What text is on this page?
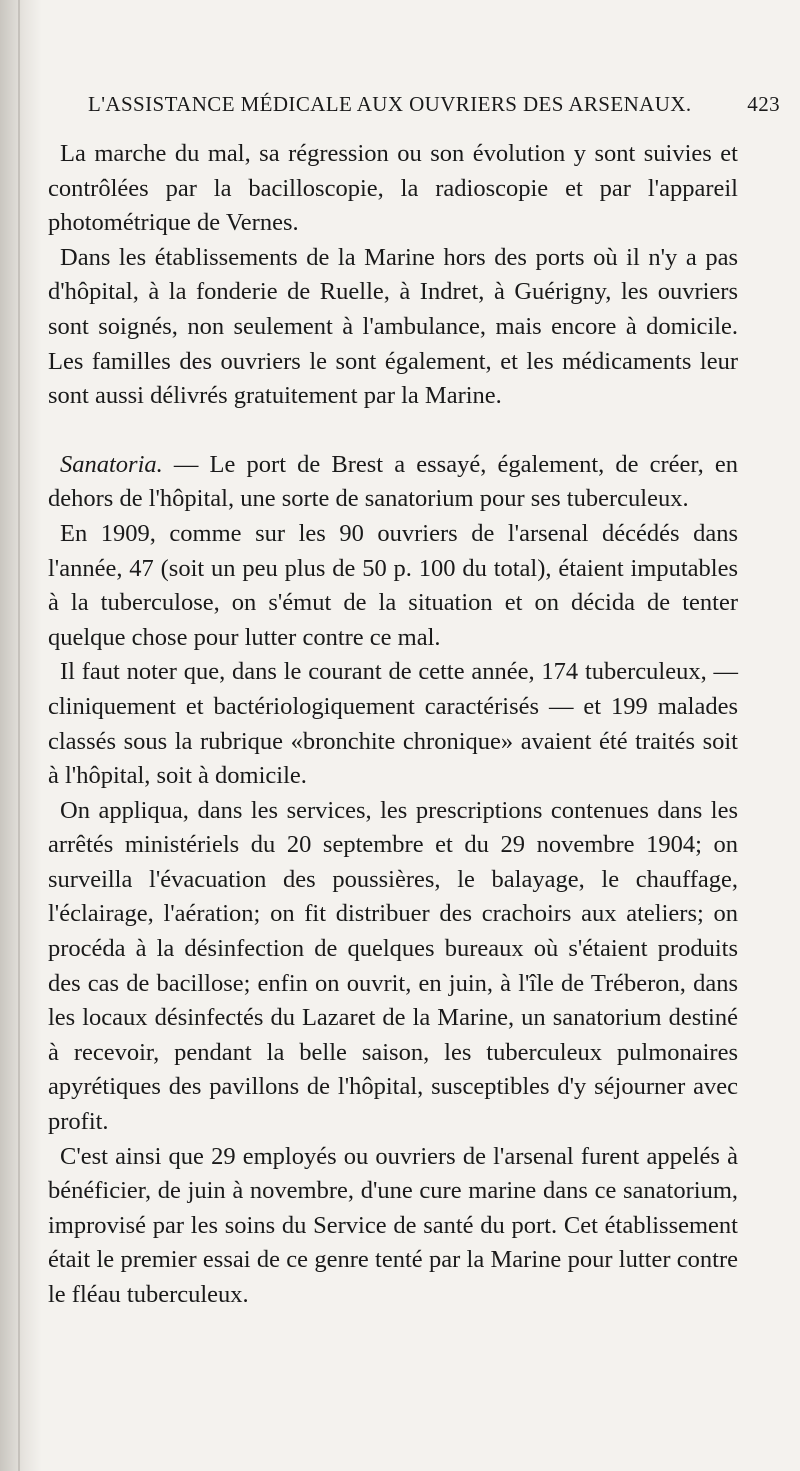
L'ASSISTANCE MÉDICALE AUX OUVRIERS DES ARSENAUX.	423

La marche du mal, sa régression ou son évolution y sont suivies et contrôlées par la bacilloscopie, la radioscopie et par l'appareil photométrique de Vernes.

Dans les établissements de la Marine hors des ports où il n'y a pas d'hôpital, à la fonderie de Ruelle, à Indret, à Guérigny, les ouvriers sont soignés, non seulement à l'ambulance, mais encore à domicile. Les familles des ouvriers le sont également, et les médicaments leur sont aussi délivrés gratuitement par la Marine.

Sanatoria. — Le port de Brest a essayé, également, de créer, en dehors de l'hôpital, une sorte de sanatorium pour ses tuberculeux.

En 1909, comme sur les 90 ouvriers de l'arsenal décédés dans l'année, 47 (soit un peu plus de 50 p. 100 du total), étaient imputables à la tuberculose, on s'émut de la situation et on décida de tenter quelque chose pour lutter contre ce mal.

Il faut noter que, dans le courant de cette année, 174 tuberculeux, — cliniquement et bactériologiquement caractérisés — et 199 malades classés sous la rubrique «bronchite chronique» avaient été traités soit à l'hôpital, soit à domicile.

On appliqua, dans les services, les prescriptions contenues dans les arrêtés ministériels du 20 septembre et du 29 novembre 1904; on surveilla l'évacuation des poussières, le balayage, le chauffage, l'éclairage, l'aération; on fit distribuer des crachoirs aux ateliers; on procéda à la désinfection de quelques bureaux où s'étaient produits des cas de bacillose; enfin on ouvrit, en juin, à l'île de Tréberon, dans les locaux désinfectés du Lazaret de la Marine, un sanatorium destiné à recevoir, pendant la belle saison, les tuberculeux pulmonaires apyrétiques des pavillons de l'hôpital, susceptibles d'y séjourner avec profit.

C'est ainsi que 29 employés ou ouvriers de l'arsenal furent appelés à bénéficier, de juin à novembre, d'une cure marine dans ce sanatorium, improvisé par les soins du Service de santé du port. Cet établissement était le premier essai de ce genre tenté par la Marine pour lutter contre le fléau tuberculeux.
